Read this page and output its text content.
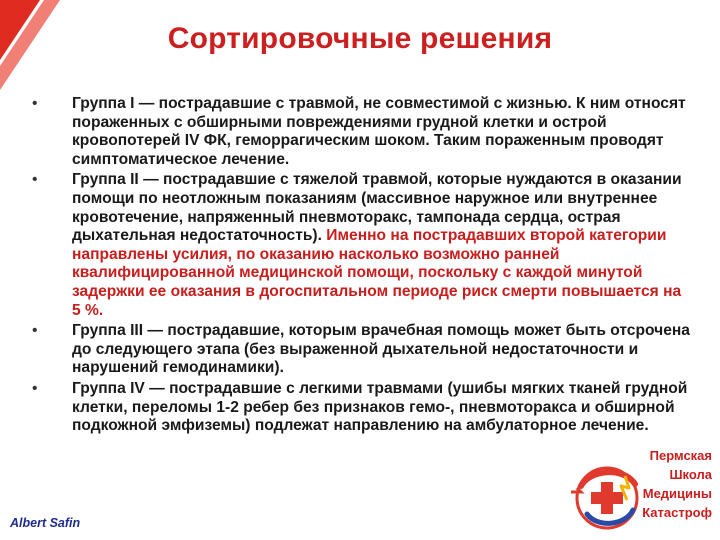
Сортировочные решения
• Группа I — пострадавшие с травмой, не совместимой с жизнью. К ним относят пораженных с обширными повреждениями грудной клетки и острой кровопотерей IV ФК, геморрагическим шоком. Таким пораженным проводят симптоматическое лечение.
• Группа II — пострадавшие с тяжелой травмой, которые нуждаются в оказании помощи по неотложным показаниям (массивное наружное или внутреннее кровотечение, напряженный пневмоторакс, тампонада сердца, острая дыхательная недостаточность). Именно на пострадавших второй категории направлены усилия, по оказанию насколько возможно ранней квалифицированной медицинской помощи, поскольку с каждой минутой задержки ее оказания в догоспитальном периоде риск смерти повышается на 5 %.
• Группа III — пострадавшие, которым врачебная помощь может быть отсрочена до следующего этапа (без выраженной дыхательной недостаточности и нарушений гемодинамики).
• Группа IV — пострадавшие с легкими травмами (ушибы мягких тканей грудной клетки, переломы 1-2 ребер без признаков гемо-, пневмоторакса и обширной подкожной эмфиземы) подлежат направлению на амбулаторное лечение.
Albert Safin
Пермская
Школа
Медицины
Катастроф
